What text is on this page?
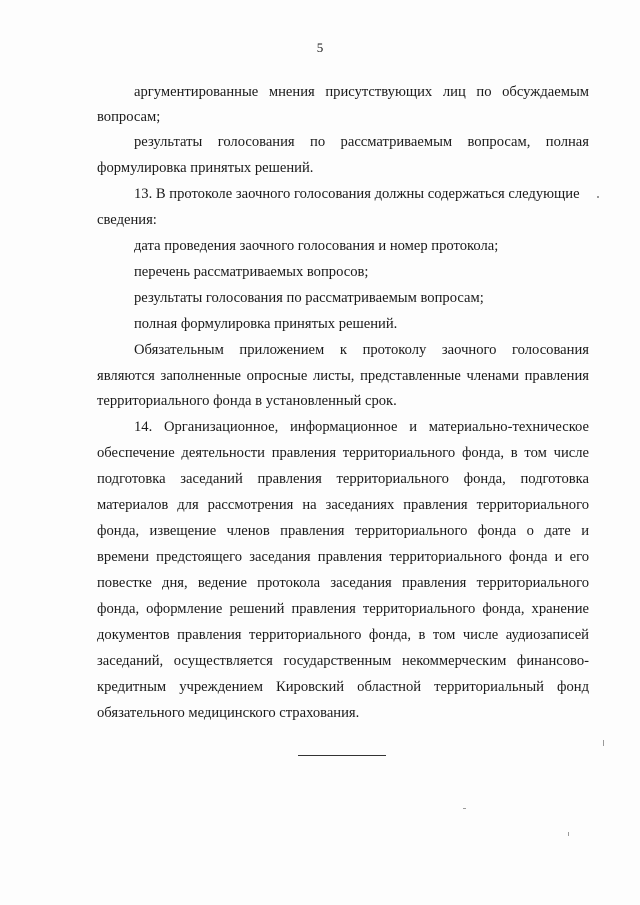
5
аргументированные мнения присутствующих лиц по обсуждаемым
вопросам;
результаты голосования по рассматриваемым вопросам, полная
формулировка принятых решений.
13. В протоколе заочного голосования должны содержаться следующие
сведения:
дата проведения заочного голосования и номер протокола;
перечень рассматриваемых вопросов;
результаты голосования по рассматриваемым вопросам;
полная формулировка принятых решений.
Обязательным приложением к протоколу заочного голосования
являются заполненные опросные листы, представленные членами правления
территориального фонда в установленный срок.
14. Организационное, информационное и материально-техническое
обеспечение деятельности правления территориального фонда, в том числе
подготовка заседаний правления территориального фонда, подготовка
материалов для рассмотрения на заседаниях правления территориального
фонда, извещение членов правления территориального фонда о дате и
времени предстоящего заседания правления территориального фонда и его
повестке дня, ведение протокола заседания правления территориального
фонда, оформление решений правления территориального фонда, хранение
документов правления территориального фонда, в том числе аудиозаписей
заседаний, осуществляется государственным некоммерческим финансово-
кредитным учреждением Кировский областной территориальный фонд
обязательного медицинского страхования.
